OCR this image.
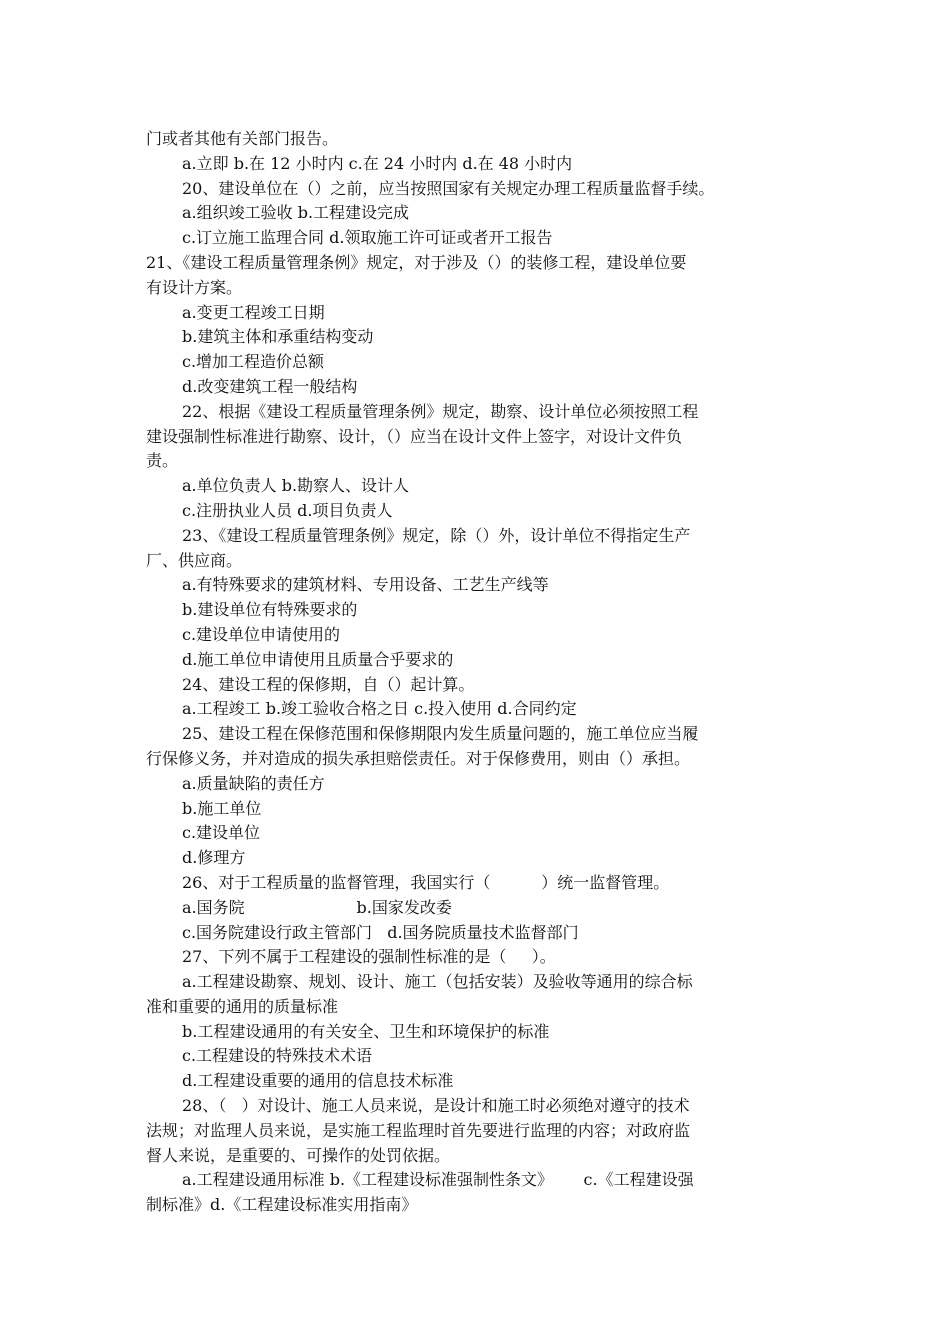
门或者其他有关部门报告。
a.立即 b.在 12 小时内 c.在 24 小时内 d.在 48 小时内
20、建设单位在（）之前，应当按照国家有关规定办理工程质量监督手续。
a.组织竣工验收 b.工程建设完成
c.订立施工监理合同 d.领取施工许可证或者开工报告
21、《建设工程质量管理条例》规定，对于涉及（）的装修工程，建设单位要
有设计方案。
a.变更工程竣工日期
b.建筑主体和承重结构变动
c.增加工程造价总额
d.改变建筑工程一般结构
22、根据《建设工程质量管理条例》规定，勘察、设计单位必须按照工程
建设强制性标准进行勘察、设计，（）应当在设计文件上签字，对设计文件负
责。
a.单位负责人 b.勘察人、设计人
c.注册执业人员 d.项目负责人
23、《建设工程质量管理条例》规定，除（）外，设计单位不得指定生产
厂、供应商。
a.有特殊要求的建筑材料、专用设备、工艺生产线等
b.建设单位有特殊要求的
c.建设单位申请使用的
d.施工单位申请使用且质量合乎要求的
24、建设工程的保修期，自（）起计算。
a.工程竣工 b.竣工验收合格之日 c.投入使用 d.合同约定
25、建设工程在保修范围和保修期限内发生质量问题的，施工单位应当履
行保修义务，并对造成的损失承担赔偿责任。对于保修费用，则由（）承担。
a.质量缺陷的责任方
b.施工单位
c.建设单位
d.修理方
26、对于工程质量的监督管理，我国实行（          ）统一监督管理。
a.国务院                      b.国家发改委
c.国务院建设行政主管部门   d.国务院质量技术监督部门
27、下列不属于工程建设的强制性标准的是（     ）。
a.工程建设勘察、规划、设计、施工（包括安装）及验收等通用的综合标
准和重要的通用的质量标准
b.工程建设通用的有关安全、卫生和环境保护的标准
c.工程建设的特殊技术术语
d.工程建设重要的通用的信息技术标准
28、（   ）对设计、施工人员来说，是设计和施工时必须绝对遵守的技术
法规；对监理人员来说，是实施工程监理时首先要进行监理的内容；对政府监
督人来说，是重要的、可操作的处罚依据。
a.工程建设通用标准 b.《工程建设标准强制性条文》      c.《工程建设强
制标准》d.《工程建设标准实用指南》
